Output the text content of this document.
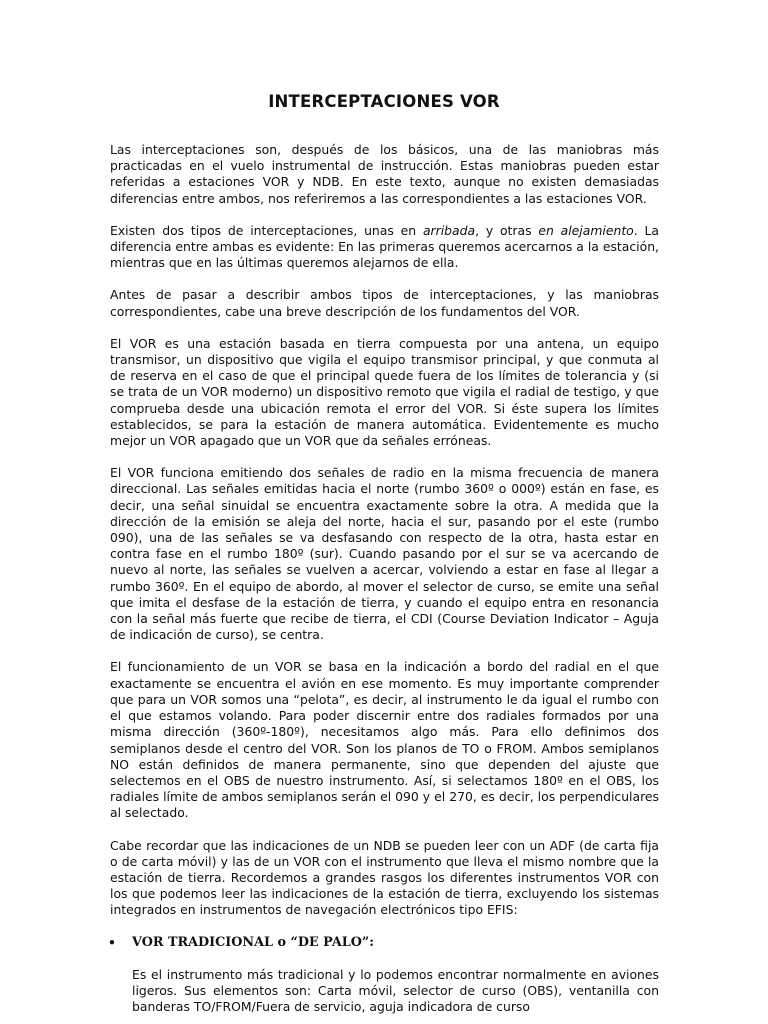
INTERCEPTACIONES VOR

Las interceptaciones son, después de los básicos, una de las maniobras más practicadas en el vuelo instrumental de instrucción. Estas maniobras pueden estar referidas a estaciones VOR y NDB. En este texto, aunque no existen demasiadas diferencias entre ambos, nos referiremos a las correspondientes a las estaciones VOR.

Existen dos tipos de interceptaciones, unas en arribada, y otras en alejamiento. La diferencia entre ambas es evidente: En las primeras queremos acercarnos a la estación, mientras que en las últimas queremos alejarnos de ella.

Antes de pasar a describir ambos tipos de interceptaciones, y las maniobras correspondientes, cabe una breve descripción de los fundamentos del VOR.

El VOR es una estación basada en tierra compuesta por una antena, un equipo transmisor, un dispositivo que vigila el equipo transmisor principal, y que conmuta al de reserva en el caso de que el principal quede fuera de los límites de tolerancia y (si se trata de un VOR moderno) un dispositivo remoto que vigila el radial de testigo, y que comprueba desde una ubicación remota el error del VOR. Si éste supera los límites establecidos, se para la estación de manera automática. Evidentemente es mucho mejor un VOR apagado que un VOR que da señales erróneas.

El VOR funciona emitiendo dos señales de radio en la misma frecuencia de manera direccional. Las señales emitidas hacia el norte (rumbo 360º o 000º) están en fase, es decir, una señal sinuidal se encuentra exactamente sobre la otra. A medida que la dirección de la emisión se aleja del norte, hacia el sur, pasando por el este (rumbo 090), una de las señales se va desfasando con respecto de la otra, hasta estar en contra fase en el rumbo 180º (sur). Cuando pasando por el sur se va acercando de nuevo al norte, las señales se vuelven a acercar, volviendo a estar en fase al llegar a rumbo 360º. En el equipo de abordo, al mover el selector de curso, se emite una señal que imita el desfase de la estación de tierra, y cuando el equipo entra en resonancia con la señal más fuerte que recibe de tierra, el CDI (Course Deviation Indicator – Aguja de indicación de curso), se centra.

El funcionamiento de un VOR se basa en la indicación a bordo del radial en el que exactamente se encuentra el avión en ese momento. Es muy importante comprender que para un VOR somos una “pelota”, es decir, al instrumento le da igual el rumbo con el que estamos volando. Para poder discernir entre dos radiales formados por una misma dirección (360º-180º), necesitamos algo más. Para ello definimos dos semiplanos desde el centro del VOR. Son los planos de TO o FROM. Ambos semiplanos NO están definidos de manera permanente, sino que dependen del ajuste que selectemos en el OBS de nuestro instrumento. Así, si selectamos 180º en el OBS, los radiales límite de ambos semiplanos serán el 090 y el 270, es decir, los perpendiculares al selectado.

Cabe recordar que las indicaciones de un NDB se pueden leer con un ADF (de carta fija o de carta móvil) y las de un VOR con el instrumento que lleva el mismo nombre que la estación de tierra. Recordemos a grandes rasgos los diferentes instrumentos VOR con los que podemos leer las indicaciones de la estación de tierra, excluyendo los sistemas integrados en instrumentos de navegación electrónicos tipo EFIS:

•	VOR TRADICIONAL o “DE PALO”:

Es el instrumento más tradicional y lo podemos encontrar normalmente en aviones ligeros. Sus elementos son: Carta móvil, selector de curso (OBS), ventanilla con banderas TO/FROM/Fuera de servicio, aguja indicadora de curso
